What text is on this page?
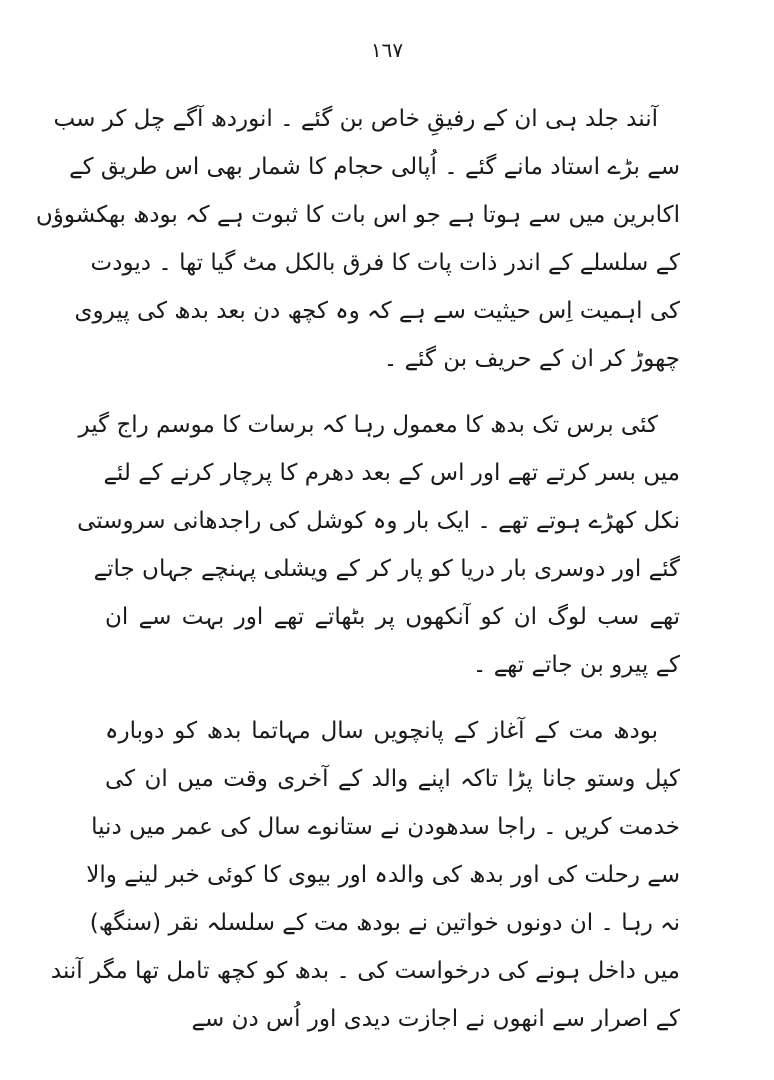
١٦٧
آنند جلد ہی ان کے رفیقِ خاص بن گئے ۔ انوردھ آگے چل کر سب
سے بڑے استاد مانے گئے ۔ اُپالی حجام کا شمار بھی اس طریق کے
اکابرین میں سے ہوتا ہے جو اس بات کا ثبوت ہے کہ بودھ بھکشوؤں
کے سلسلے کے اندر ذات پات کا فرق بالکل مٹ گیا تھا ۔ دیودت
کی اہمیت اِس حیثیت سے ہے کہ وہ کچھ دن بعد بدھ کی پیروی
چھوڑ کر ان کے حریف بن گئے ۔
کئی برس تک بدھ کا معمول رہا کہ برسات کا موسم راج گیر
میں بسر کرتے تھے اور اس کے بعد دھرم کا پرچار کرنے کے لئے
نکل کھڑے ہوتے تھے ۔ ایک بار وہ کوشل کی راجدھانی سروستی
گئے اور دوسری بار دریا کو پار کر کے ویشلی پہنچے جہاں جاتے
تھے سب لوگ ان کو آنکھوں پر بٹھاتے تھے اور بہت سے ان
کے پیرو بن جاتے تھے ۔
بودھ مت کے آغاز کے پانچویں سال مہاتما بدھ کو دوبارہ
کپل وستو جانا پڑا تاکہ اپنے والد کے آخری وقت میں ان کی
خدمت کریں ۔ راجا سدھودن نے ستانوے سال کی عمر میں دنیا
سے رحلت کی اور بدھ کی والدہ اور بیوی کا کوئی خبر لینے والا
نہ رہا ۔ ان دونوں خواتین نے بودھ مت کے سلسلہ نقر (سنگھ)
میں داخل ہونے کی درخواست کی ۔ بدھ کو کچھ تامل تھا مگر آنند
کے اصرار سے انھوں نے اجازت دیدی اور اُس دن سے
